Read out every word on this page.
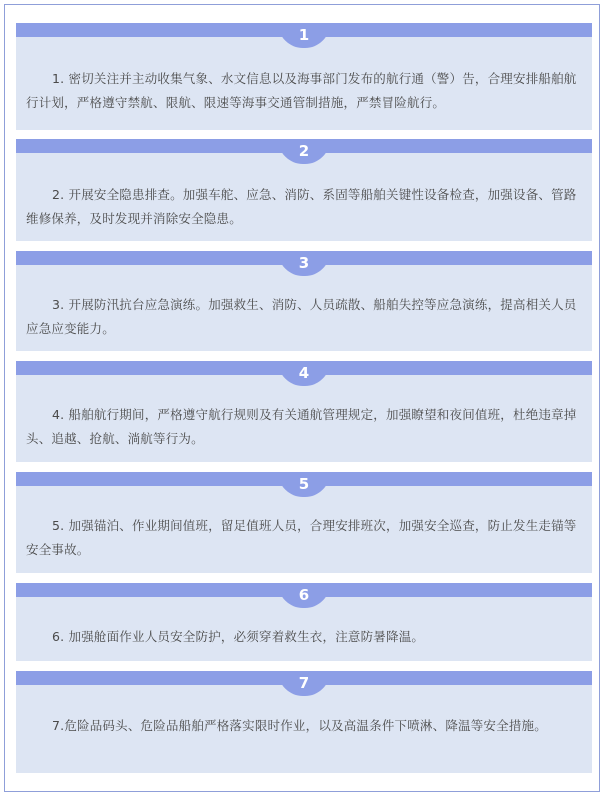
1
1. 密切关注并主动收集气象、水文信息以及海事部门发布的航行通（警）告，合理安排船舶航行计划，严格遵守禁航、限航、限速等海事交通管制措施，严禁冒险航行。
2
2. 开展安全隐患排查。加强车舵、应急、消防、系固等船舶关键性设备检查，加强设备、管路维修保养，及时发现并消除安全隐患。
3
3. 开展防汛抗台应急演练。加强救生、消防、人员疏散、船舶失控等应急演练，提高相关人员应急应变能力。
4
4. 船舶航行期间，严格遵守航行规则及有关通航管理规定，加强瞭望和夜间值班，杜绝违章掉头、追越、抢航、淌航等行为。
5
5. 加强锚泊、作业期间值班，留足值班人员，合理安排班次，加强安全巡查，防止发生走锚等安全事故。
6
6. 加强舱面作业人员安全防护，必须穿着救生衣，注意防暑降温。
7
7.危险品码头、危险品船舶严格落实限时作业，以及高温条件下喷淋、降温等安全措施。
